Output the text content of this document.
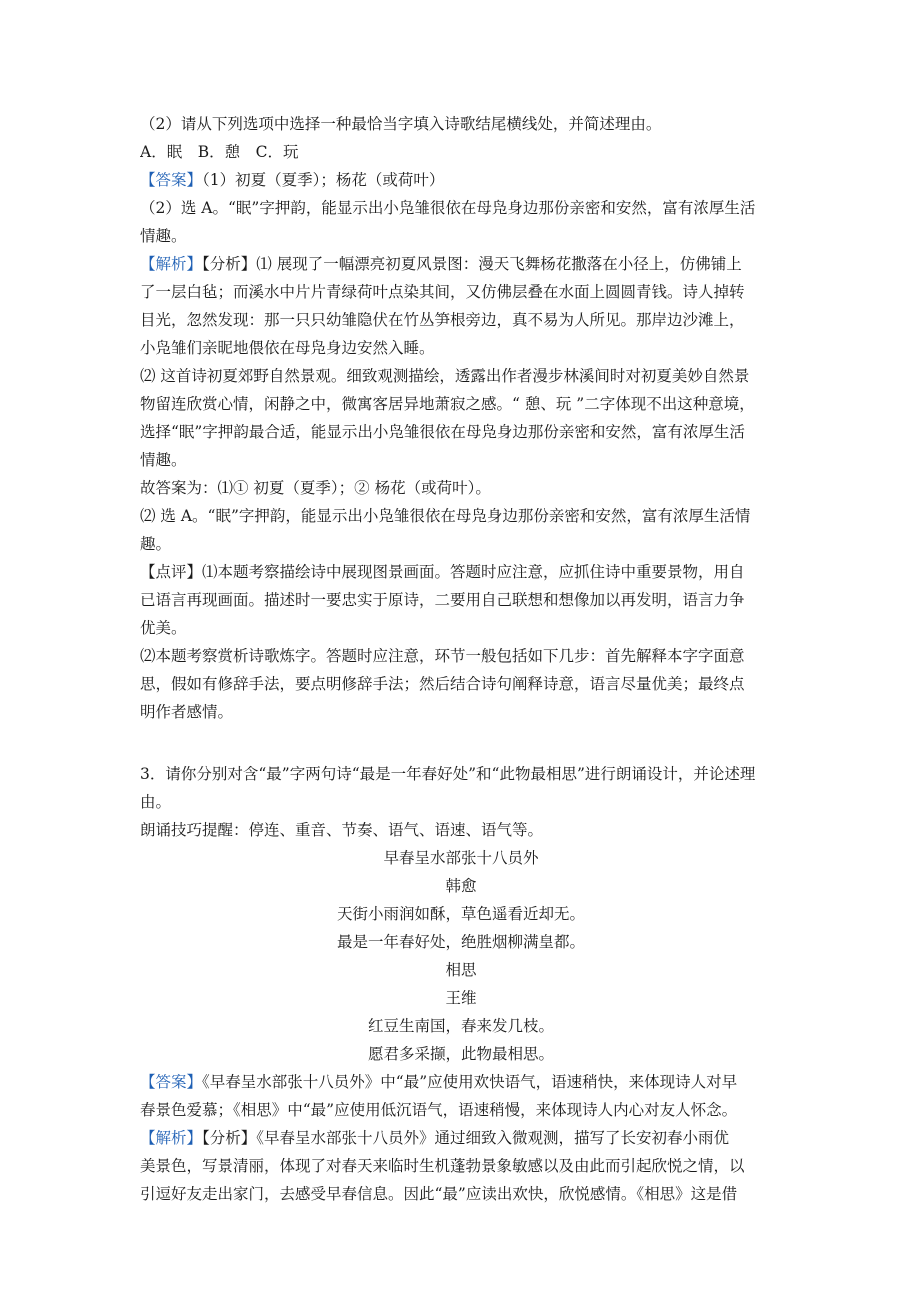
（2）请从下列选项中选择一种最恰当字填入诗歌结尾横线处，并简述理由。
A．眠　B．憩　C．玩
【答案】（1）初夏（夏季）；杨花（或荷叶）
（2）选 A。“眠”字押韵，能显示出小凫雏很依在母凫身边那份亲密和安然，富有浓厚生活
情趣。
【解析】【分析】⑴ 展现了一幅漂亮初夏风景图：漫天飞舞杨花撒落在小径上，仿佛铺上
了一层白毡；而溪水中片片青绿荷叶点染其间，又仿佛层叠在水面上圆圆青钱。诗人掉转
目光，忽然发现：那一只只幼雏隐伏在竹丛笋根旁边，真不易为人所见。那岸边沙滩上，
小凫雏们亲昵地偎依在母凫身边安然入睡。
⑵ 这首诗初夏郊野自然景观。细致观测描绘，透露出作者漫步林溪间时对初夏美妙自然景
物留连欣赏心情，闲静之中，微寓客居异地萧寂之感。“ 憩、玩 ”二字体现不出这种意境，
选择“眠”字押韵最合适，能显示出小凫雏很依在母凫身边那份亲密和安然，富有浓厚生活
情趣。
故答案为：⑴① 初夏（夏季）；② 杨花（或荷叶）。
⑵ 选 A。“眠”字押韵，能显示出小凫雏很依在母凫身边那份亲密和安然，富有浓厚生活情
趣。
【点评】⑴本题考察描绘诗中展现图景画面。答题时应注意，应抓住诗中重要景物，用自
已语言再现画面。描述时一要忠实于原诗，二要用自己联想和想像加以再发明，语言力争
优美。
⑵本题考察赏析诗歌炼字。答题时应注意，环节一般包括如下几步：首先解释本字字面意
思，假如有修辞手法，要点明修辞手法；然后结合诗句阐释诗意，语言尽量优美；最终点
明作者感情。
3．请你分别对含“最”字两句诗“最是一年春好处”和“此物最相思”进行朗诵设计，并论述理
由。
朗诵技巧提醒：停连、重音、节奏、语气、语速、语气等。
早春呈水部张十八员外
韩愈
天街小雨润如酥，草色遥看近却无。
最是一年春好处，绝胜烟柳满皇都。
相思
王维
红豆生南国，春来发几枝。
愿君多采撷，此物最相思。
【答案】《早春呈水部张十八员外》中“最”应使用欢快语气，语速稍快，来体现诗人对早
春景色爱慕；《相思》中“最”应使用低沉语气，语速稍慢，来体现诗人内心对友人怀念。
【解析】【分析】《早春呈水部张十八员外》通过细致入微观测，描写了长安初春小雨优
美景色，写景清丽，体现了对春天来临时生机蓬勃景象敏感以及由此而引起欣悦之情，以
引逗好友走出家门，去感受早春信息。因此“最”应读出欢快，欣悦感情。《相思》这是借
